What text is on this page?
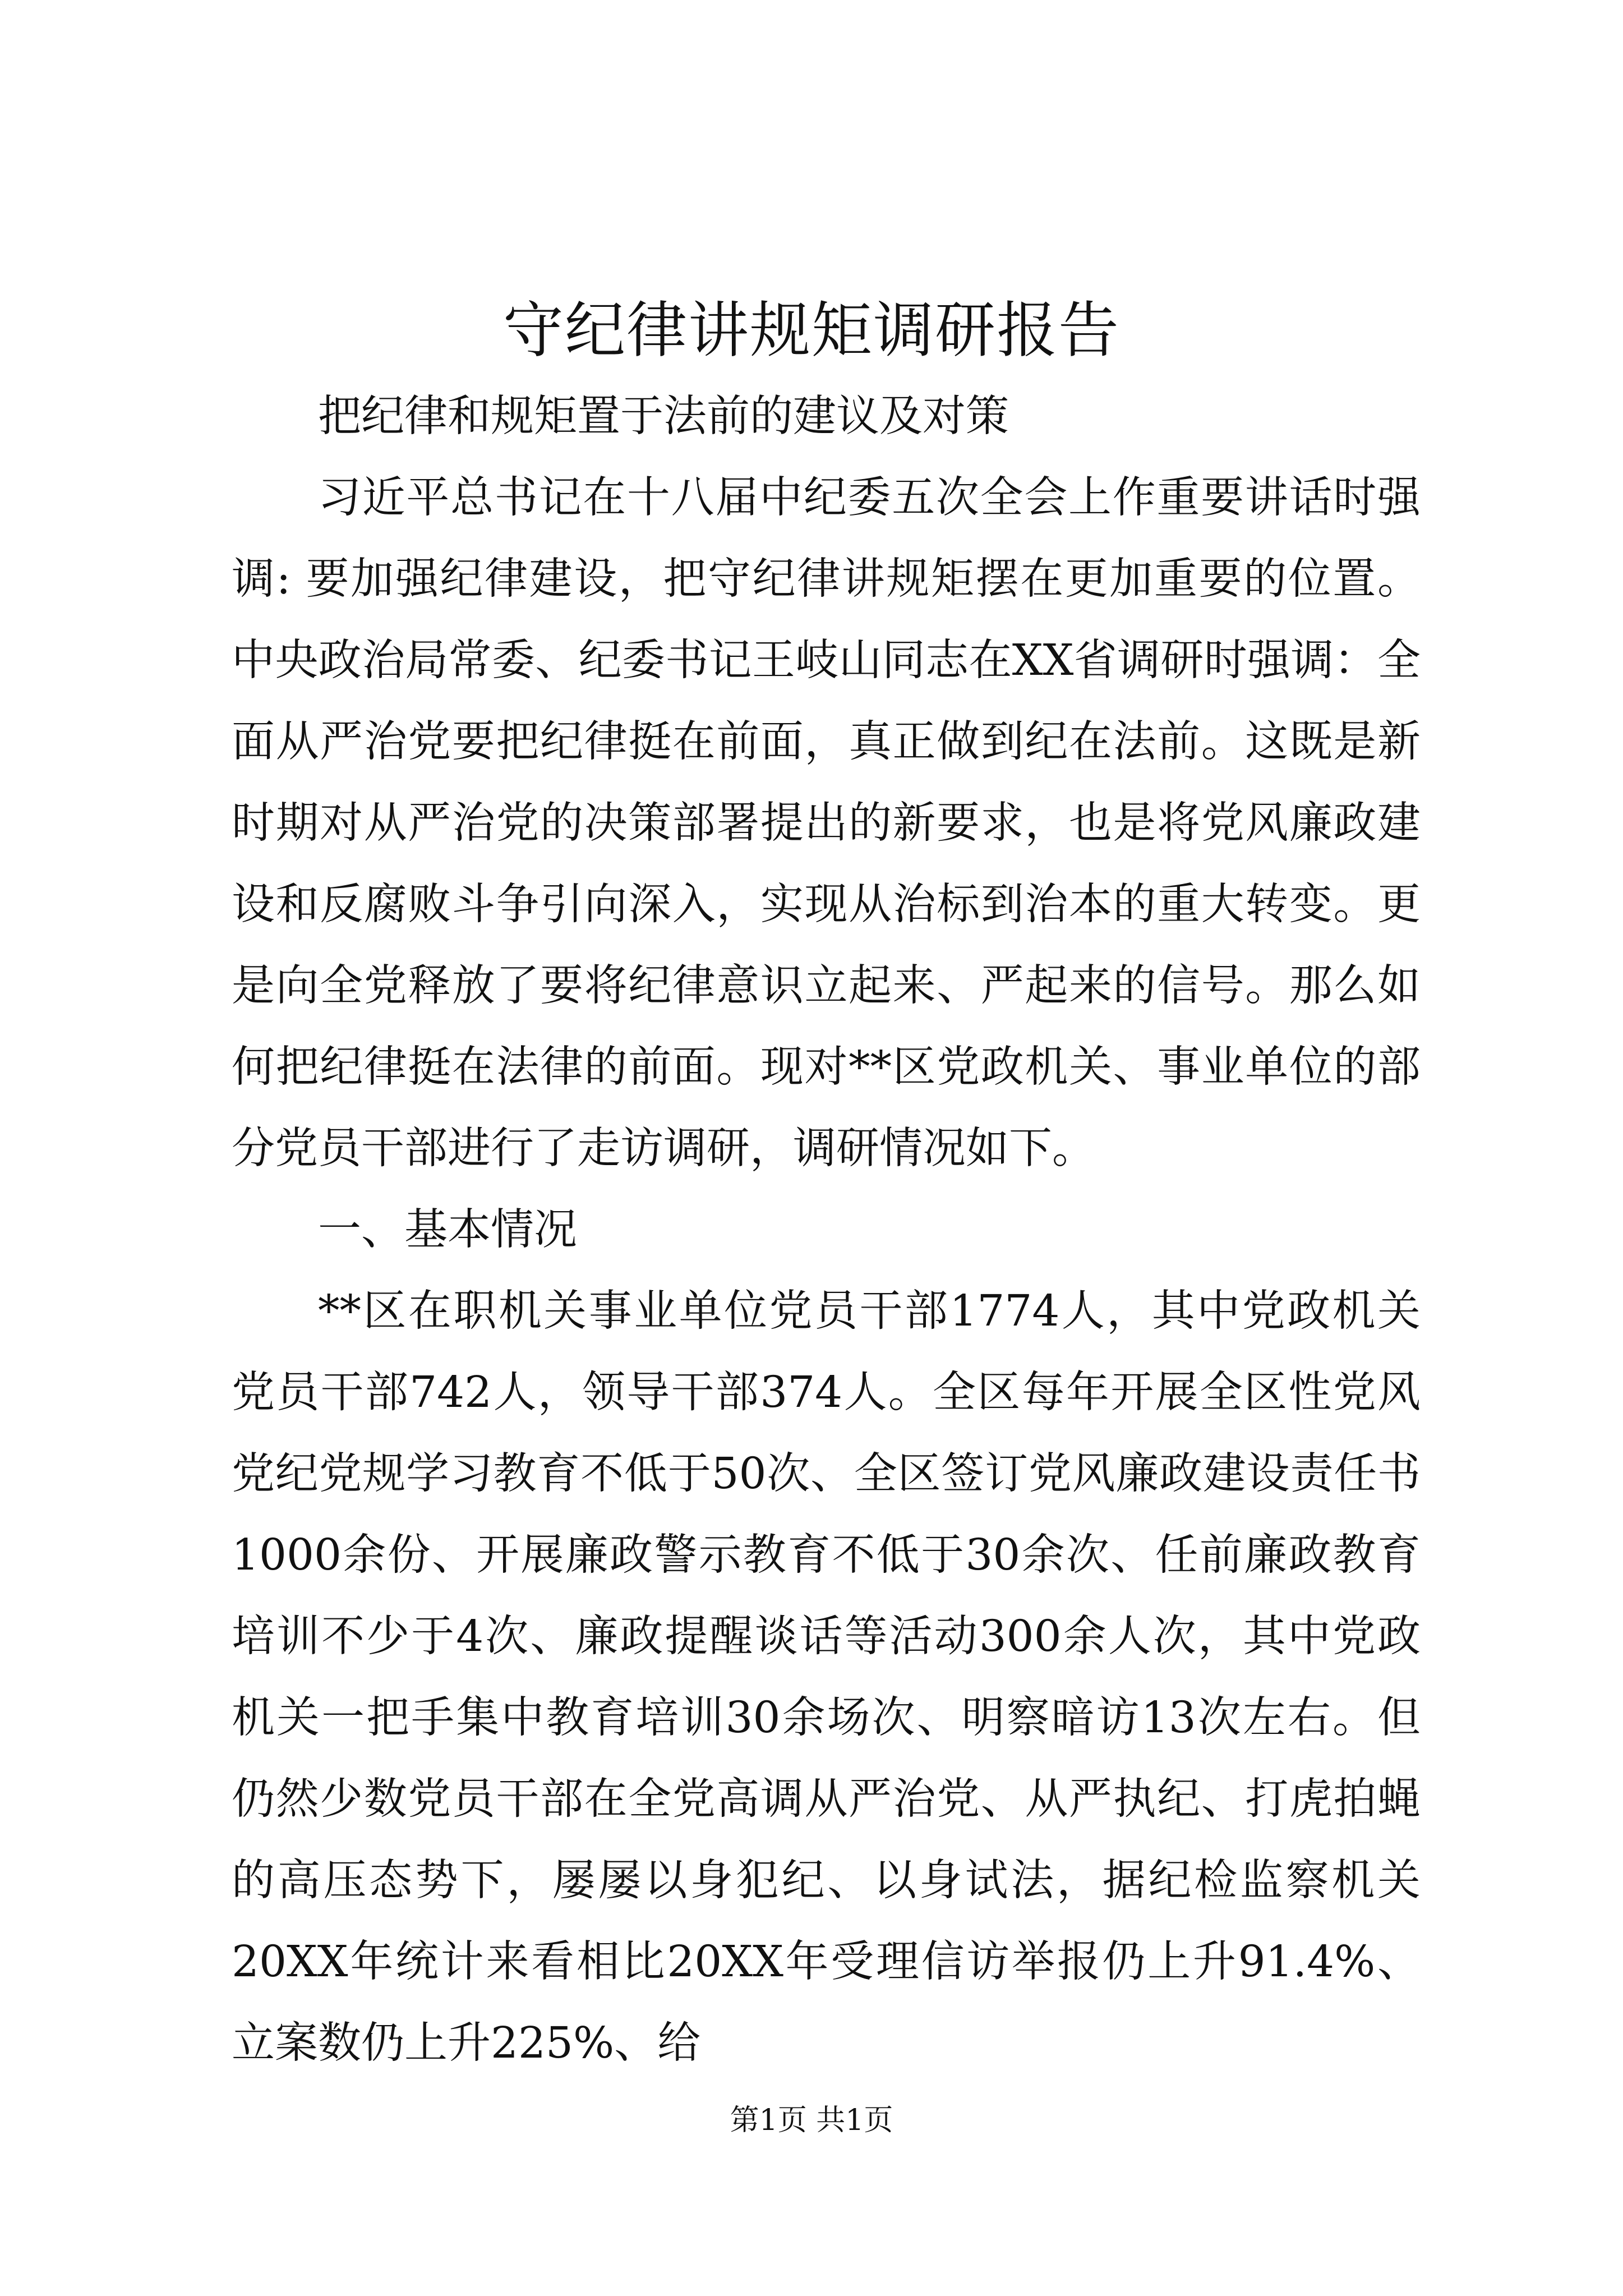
守纪律讲规矩调研报告

把纪律和规矩置于法前的建议及对策

习近平总书记在十八届中纪委五次全会上作重要讲话时强调: 要加强纪律建设，把守纪律讲规矩摆在更加重要的位置。中央政治局常委、纪委书记王岐山同志在XX省调研时强调：全面从严治党要把纪律挺在前面，真正做到纪在法前。这既是新时期对从严治党的决策部署提出的新要求，也是将党风廉政建设和反腐败斗争引向深入，实现从治标到治本的重大转变。更是向全党释放了要将纪律意识立起来、严起来的信号。那么如何把纪律挺在法律的前面。现对**区党政机关、事业单位的部分党员干部进行了走访调研，调研情况如下。

一、基本情况

**区在职机关事业单位党员干部1774人，其中党政机关党员干部742人，领导干部374人。全区每年开展全区性党风党纪党规学习教育不低于50次、全区签订党风廉政建设责任书1000余份、开展廉政警示教育不低于30余次、任前廉政教育培训不少于4次、廉政提醒谈话等活动300余人次，其中党政机关一把手集中教育培训30余场次、明察暗访13次左右。但仍然少数党员干部在全党高调从严治党、从严执纪、打虎拍蝇的高压态势下，屡屡以身犯纪、以身试法，据纪检监察机关20XX年统计来看相比20XX年受理信访举报仍上升91.4%、立案数仍上升225%、给

第1页 共1页
